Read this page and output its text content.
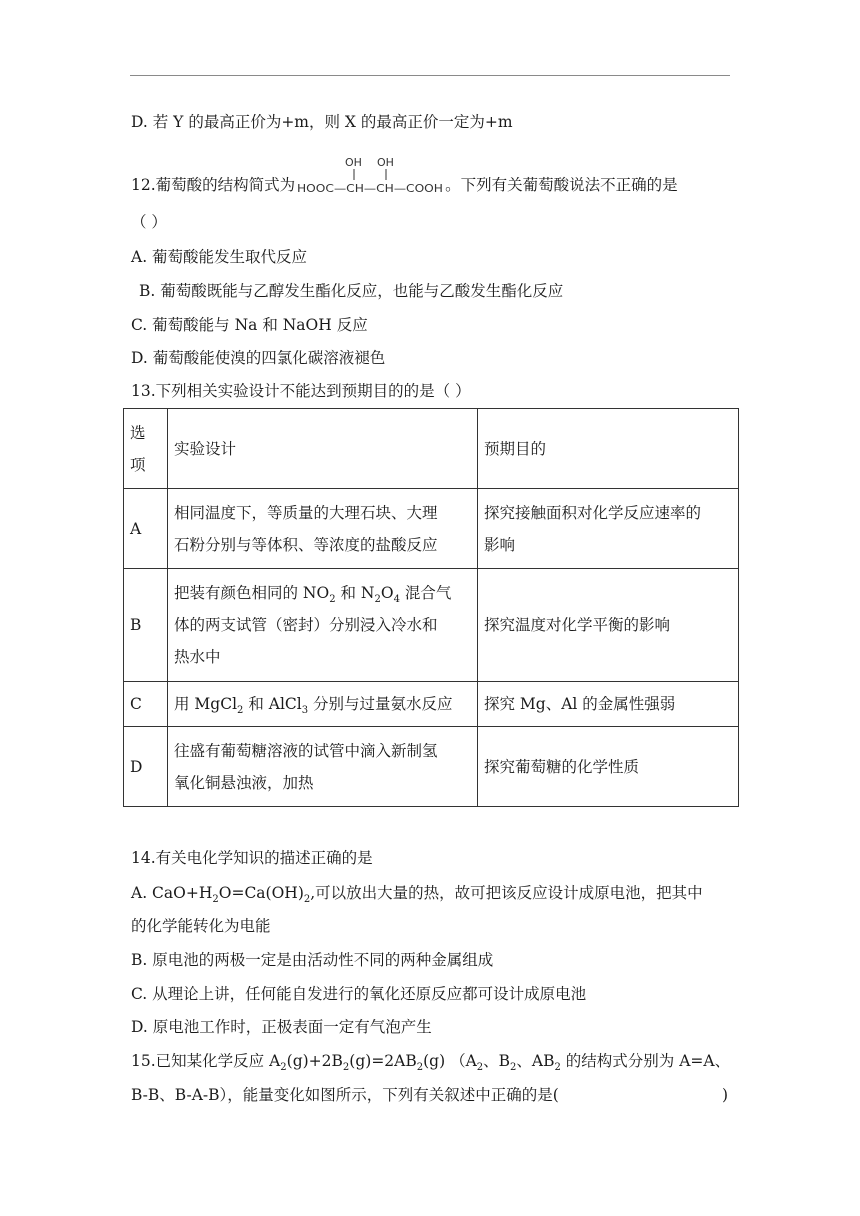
D. 若 Y 的最高正价为+m，则 X 的最高正价一定为+m
12.葡萄酸的结构简式为
OH OH
HOOC—CH—CH—COOH 。下列有关葡萄酸说法不正确的是
（ ）
A. 葡萄酸能发生取代反应
B. 葡萄酸既能与乙醇发生酯化反应，也能与乙酸发生酯化反应
C. 葡萄酸能与 Na 和 NaOH 反应
D. 葡萄酸能使溴的四氯化碳溶液褪色
13.下列相关实验设计不能达到预期目的的是（ ）
选
项	实验设计	预期目的
A	相同温度下，等质量的大理石块、大理
石粉分别与等体积、等浓度的盐酸反应	探究接触面积对化学反应速率的
影响
B	把装有颜色相同的 $NO_2$ 和 $N_2O_4$ 混合气
体的两支试管（密封）分别浸入冷水和
热水中	探究温度对化学平衡的影响
C	用 MgCl$_2$ 和 AlCl$_3$ 分别与过量氨水反应	探究 Mg、Al 的金属性强弱
D	往盛有葡萄糖溶液的试管中滴入新制氢
氧化铜悬浊液，加热	探究葡萄糖的化学性质
14.有关电化学知识的描述正确的是
A. $CaO+H_2O=Ca(OH)_2$,可以放出大量的热，故可把该反应设计成原电池，把其中
的化学能转化为电能
B. 原电池的两极一定是由活动性不同的两种金属组成
C. 从理论上讲，任何能自发进行的氧化还原反应都可设计成原电池
D. 原电池工作时，正极表面一定有气泡产生
15.已知某化学反应 $A_2(g)+2B_2(g)=2AB_2(g)$ （$A_2$、$B_2$、$AB_2$ 的结构式分别为 A=A、
B-B、B-A-B），能量变化如图所示，下列有关叙述中正确的是(	)
